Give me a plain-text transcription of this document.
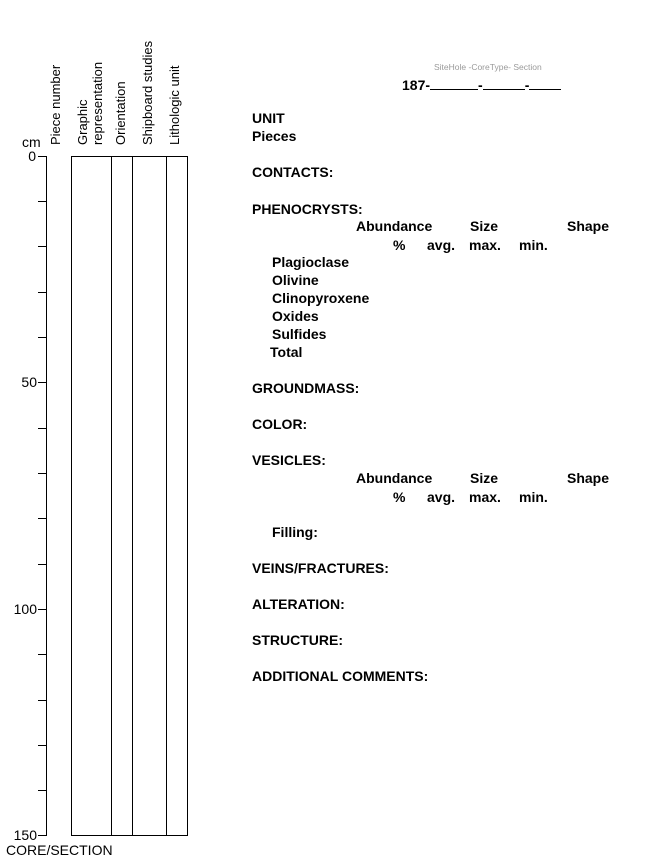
Piece number Graphic representation Orientation Shipboard studies Lithologic unit
cm
0
50
100
150
CORE/SECTION
SiteHole -CoreType- Section
187-	-	-
UNIT
Pieces
CONTACTS:
PHENOCRYSTS:
Abundance	Size	Shape
% avg. max. min.
Plagioclase
Olivine
Clinopyroxene
Oxides
Sulfides
Total
GROUNDMASS:
COLOR:
VESICLES:
Abundance	Size	Shape
% avg. max. min.
Filling:
VEINS/FRACTURES:
ALTERATION:
STRUCTURE:
ADDITIONAL COMMENTS:
